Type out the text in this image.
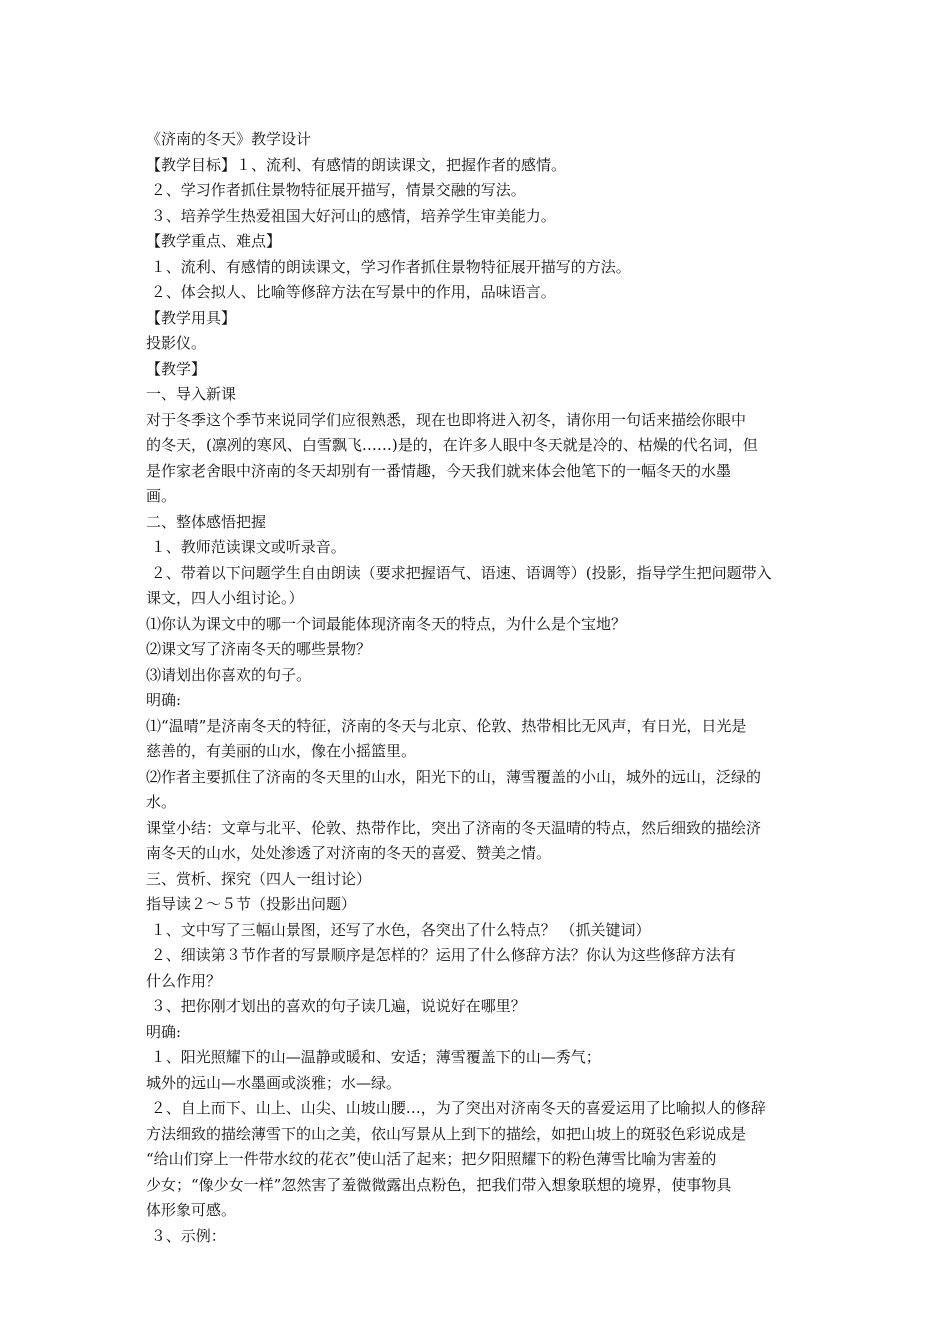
《济南的冬天》教学设计

【教学目标】１、流利、有感情的朗读课文，把握作者的感情。

２、学习作者抓住景物特征展开描写，情景交融的写法。

３、培养学生热爱祖国大好河山的感情，培养学生审美能力。

【教学重点、难点】

１、流利、有感情的朗读课文，学习作者抓住景物特征展开描写的方法。

２、体会拟人、比喻等修辞方法在写景中的作用，品味语言。

【教学用具】

投影仪。

【教学】

一、导入新课

对于冬季这个季节来说同学们应很熟悉，现在也即将进入初冬，请你用一句话来描绘你眼中

的冬天，(凛冽的寒风、白雪飘飞……)是的，在许多人眼中冬天就是冷的、枯燥的代名词，但

是作家老舍眼中济南的冬天却别有一番情趣，今天我们就来体会他笔下的一幅冬天的水墨

画。

二、整体感悟把握

１、教师范读课文或听录音。

２、带着以下问题学生自由朗读（要求把握语气、语速、语调等）(投影，指导学生把问题带入

课文，四人小组讨论。）

⑴你认为课文中的哪一个词最能体现济南冬天的特点，为什么是个宝地？

⑵课文写了济南冬天的哪些景物？

⑶请划出你喜欢的句子。

明确:

⑴“温晴”是济南冬天的特征，济南的冬天与北京、伦敦、热带相比无风声，有日光，日光是

慈善的，有美丽的山水，像在小摇篮里。

⑵作者主要抓住了济南的冬天里的山水，阳光下的山，薄雪覆盖的小山，城外的远山，泛绿的

水。

课堂小结：文章与北平、伦敦、热带作比，突出了济南的冬天温晴的特点，然后细致的描绘济

南冬天的山水，处处渗透了对济南的冬天的喜爱、赞美之情。

三、赏析、探究（四人一组讨论）

指导读２～５节（投影出问题）

１、文中写了三幅山景图，还写了水色，各突出了什么特点？ （抓关键词）

２、细读第３节作者的写景顺序是怎样的？运用了什么修辞方法？你认为这些修辞方法有

什么作用？

３、把你刚才划出的喜欢的句子读几遍，说说好在哪里？

明确:

１、阳光照耀下的山—温静或暖和、安适；薄雪覆盖下的山—秀气；

城外的远山—水墨画或淡雅；水—绿。

２、自上而下、山上、山尖、山坡山腰…，为了突出对济南冬天的喜爱运用了比喻拟人的修辞

方法细致的描绘薄雪下的山之美，依山写景从上到下的描绘，如把山坡上的斑驳色彩说成是

“给山们穿上一件带水纹的花衣”使山活了起来；把夕阳照耀下的粉色薄雪比喻为害羞的

少女；“像少女一样”忽然害了羞微微露出点粉色，把我们带入想象联想的境界，使事物具

体形象可感。

３、示例：
